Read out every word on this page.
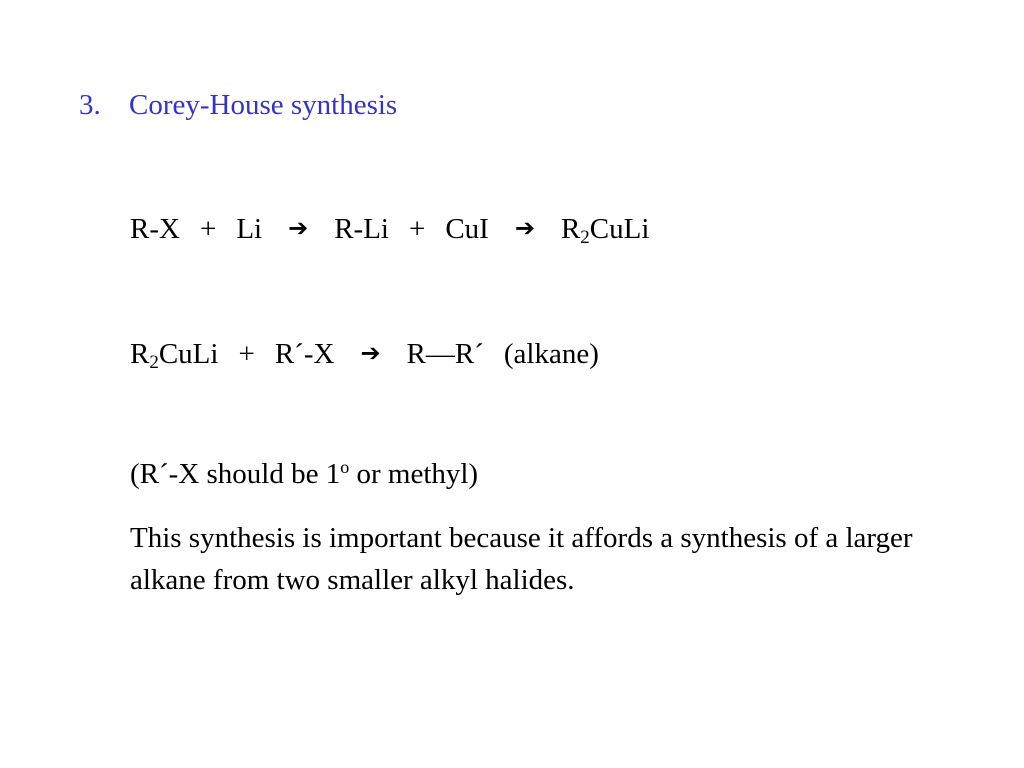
3. Corey-House synthesis
R-X + Li ➔ R-Li + CuI ➔ $R_2CuLi$
$R_2CuLi$ + R´-X ➔ R—R´ (alkane)
(R´-X should be 1$^o$ or methyl)
This synthesis is important because it affords a synthesis of a larger alkane from two smaller alkyl halides.
